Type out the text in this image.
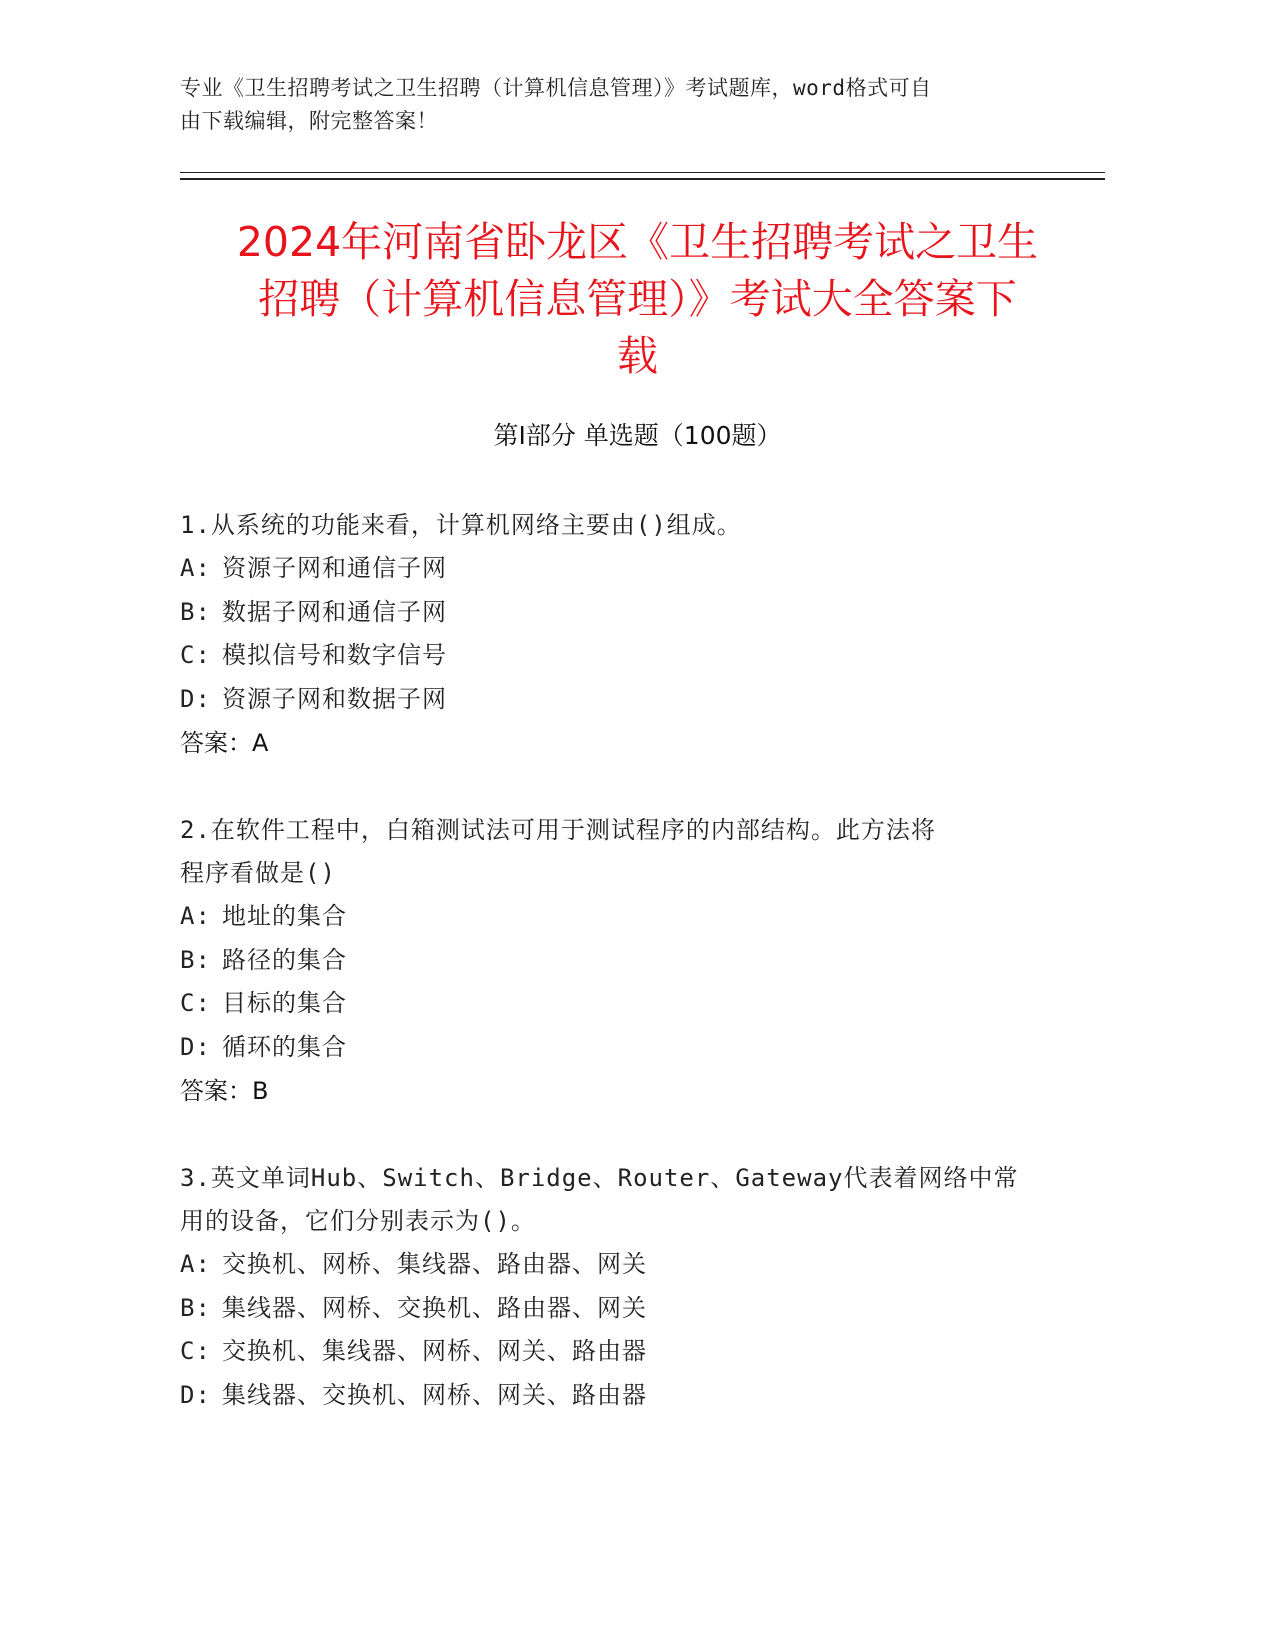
专业《卫生招聘考试之卫生招聘（计算机信息管理）》考试题库，word格式可自
由下载编辑，附完整答案！
2024年河南省卧龙区《卫生招聘考试之卫生
招聘（计算机信息管理）》考试大全答案下
载
第Ⅰ部分 单选题（100题）
1.从系统的功能来看，计算机网络主要由()组成。
A: 资源子网和通信子网
B: 数据子网和通信子网
C: 模拟信号和数字信号
D: 资源子网和数据子网
答案：A
2.在软件工程中，白箱测试法可用于测试程序的内部结构。此方法将
程序看做是()
A: 地址的集合
B: 路径的集合
C: 目标的集合
D: 循环的集合
答案：B
3.英文单词Hub、Switch、Bridge、Router、Gateway代表着网络中常
用的设备，它们分别表示为()。
A: 交换机、网桥、集线器、路由器、网关
B: 集线器、网桥、交换机、路由器、网关
C: 交换机、集线器、网桥、网关、路由器
D: 集线器、交换机、网桥、网关、路由器
